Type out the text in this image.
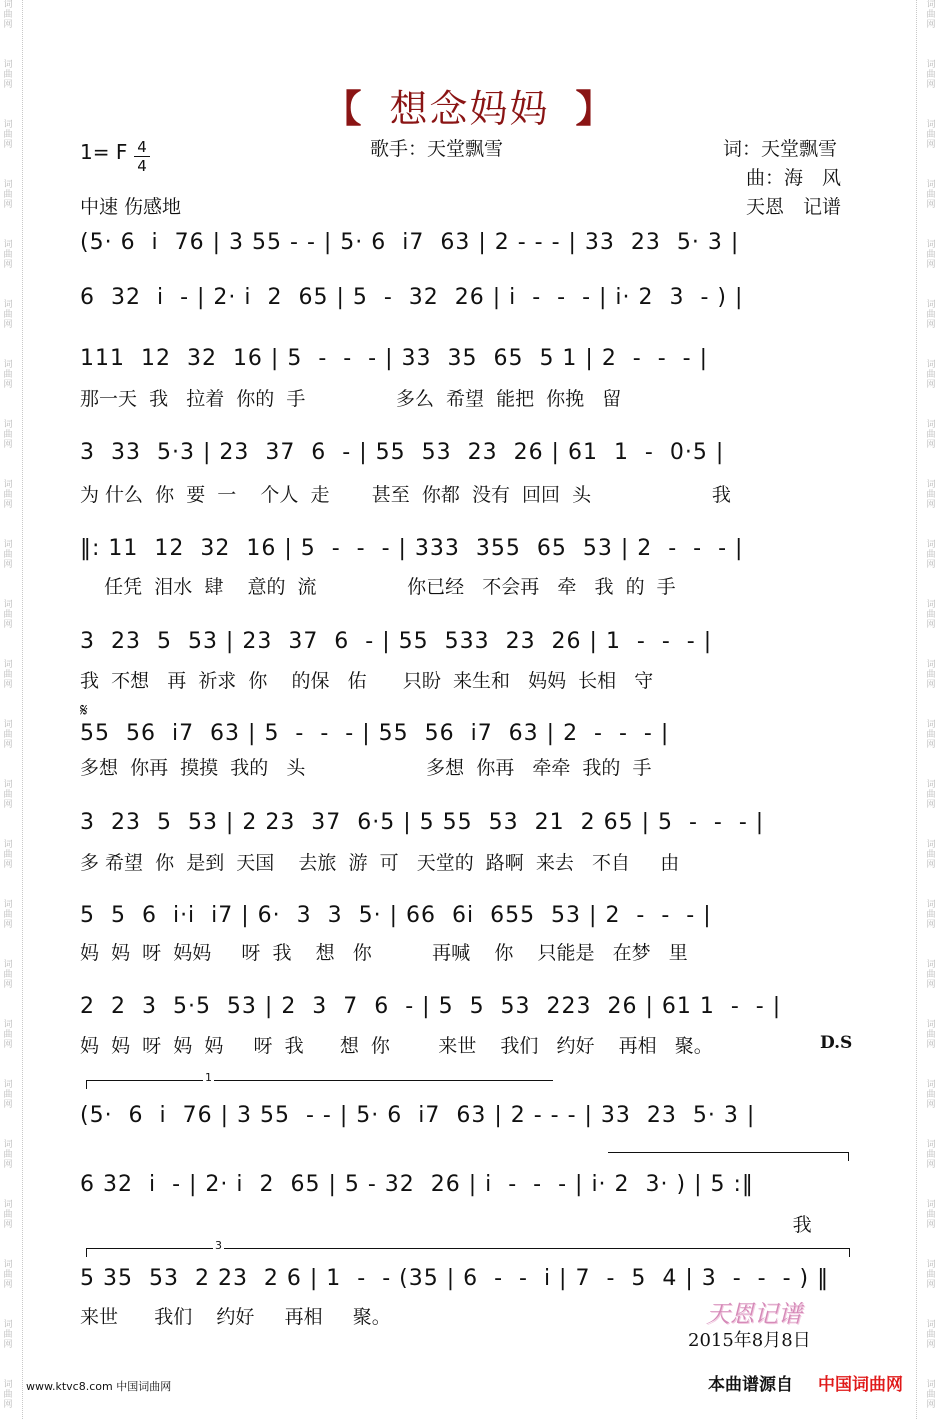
词
曲
网
词
曲
网
词
曲
网
词
曲
网
词
曲
网
词
曲
网
词
曲
网
词
曲
网
词
曲
网
词
曲
网
词
曲
网
词
曲
网
词
曲
网
词
曲
网
词
曲
网
词
曲
网
词
曲
网
词
曲
网
词
曲
网
词
曲
网
词
曲
网
词
曲
网
词
曲
网
词
曲
网
词
曲
网
词
曲
网
词
曲
网
词
曲
网
词
曲
网
词
曲
网
词
曲
网
词
曲
网
词
曲
网
词
曲
网
词
曲
网
词
曲
网
词
曲
网
词
曲
网
词
曲
网
词
曲
网
词
曲
网
词
曲
网
词
曲
网
词
曲
网
词
曲
网
词
曲
网
词
曲
网
词
曲
网
【 想念妈妈 】
歌手：天堂飘雪	词：天堂飘雪
曲：海　风
天恩　记谱
1= F 4
4
中速 伤感地
(5· 6  i  76 | 3 55 - - | 5· 6  i7  63 | 2 - - - | 33  23  5· 3 |
6  32  i  - | 2· i  2  65 | 5  -  32  26 | i  -  -  - | i· 2  3  - ) |
111  12  32  16 | 5  -  -  - | 33  35  65  5 1 | 2  -  -  - |
那一天  我   拉着  你的  手               多么  希望  能把  你挽   留
3  33  5·3 | 23  37  6  - | 55  53  23  26 | 61  1  -  0·5 |
为 什么  你  要  一    个人  走       甚至  你都  没有  回回  头                    我
‖: 11  12  32  16 | 5  -  -  - | 333  355  65  53 | 2  -  -  - |
任凭  泪水  肆    意的  流               你已经   不会再   牵   我  的  手
3  23  5  53 | 23  37  6  - | 55  533  23  26 | 1  -  -  - |
我  不想   再  祈求  你    的保   佑      只盼  来生和   妈妈  长相   守
𝄋
55  56  i7  63 | 5  -  -  - | 55  56  i7  63 | 2  -  -  - |
多想  你再  摸摸  我的   头                    多想  你再   牵牵  我的  手
3  23  5  53 | 2 23  37  6·5 | 5 55  53  21  2 65 | 5  -  -  - |
多 希望  你  是到  天国    去旅  游  可   天堂的  路啊  来去   不自     由
5  5  6  i·i  i7 | 6·  3  3  5· | 66  6i  655  53 | 2  -  -  - |
妈  妈  呀  妈妈     呀  我    想   你          再喊    你    只能是   在梦   里
2  2  3  5·5  53 | 2  3  7  6  - | 5  5  53  223  26 | 61 1  -  - |
妈  妈  呀  妈  妈     呀  我      想  你        来世    我们   约好    再相   聚。	D.S
1
(5·  6  i  76 | 3 55  - - | 5· 6  i7  63 | 2 - - - | 33  23  5· 3 |
6 32  i  - | 2· i  2  65 | 5 - 32  26 | i  -  -  - | i· 2  3· ) | 5 :‖
我
3
5 35  53  2 23  2 6 | 1  -  - (35 | 6  -  -  i | 7  -  5  4 | 3  -  -  - ) ‖
来世      我们    约好     再相     聚。	天恩记谱
2015年8月8日
www.ktvc8.com 中国词曲网	本曲谱源自 中国词曲网
